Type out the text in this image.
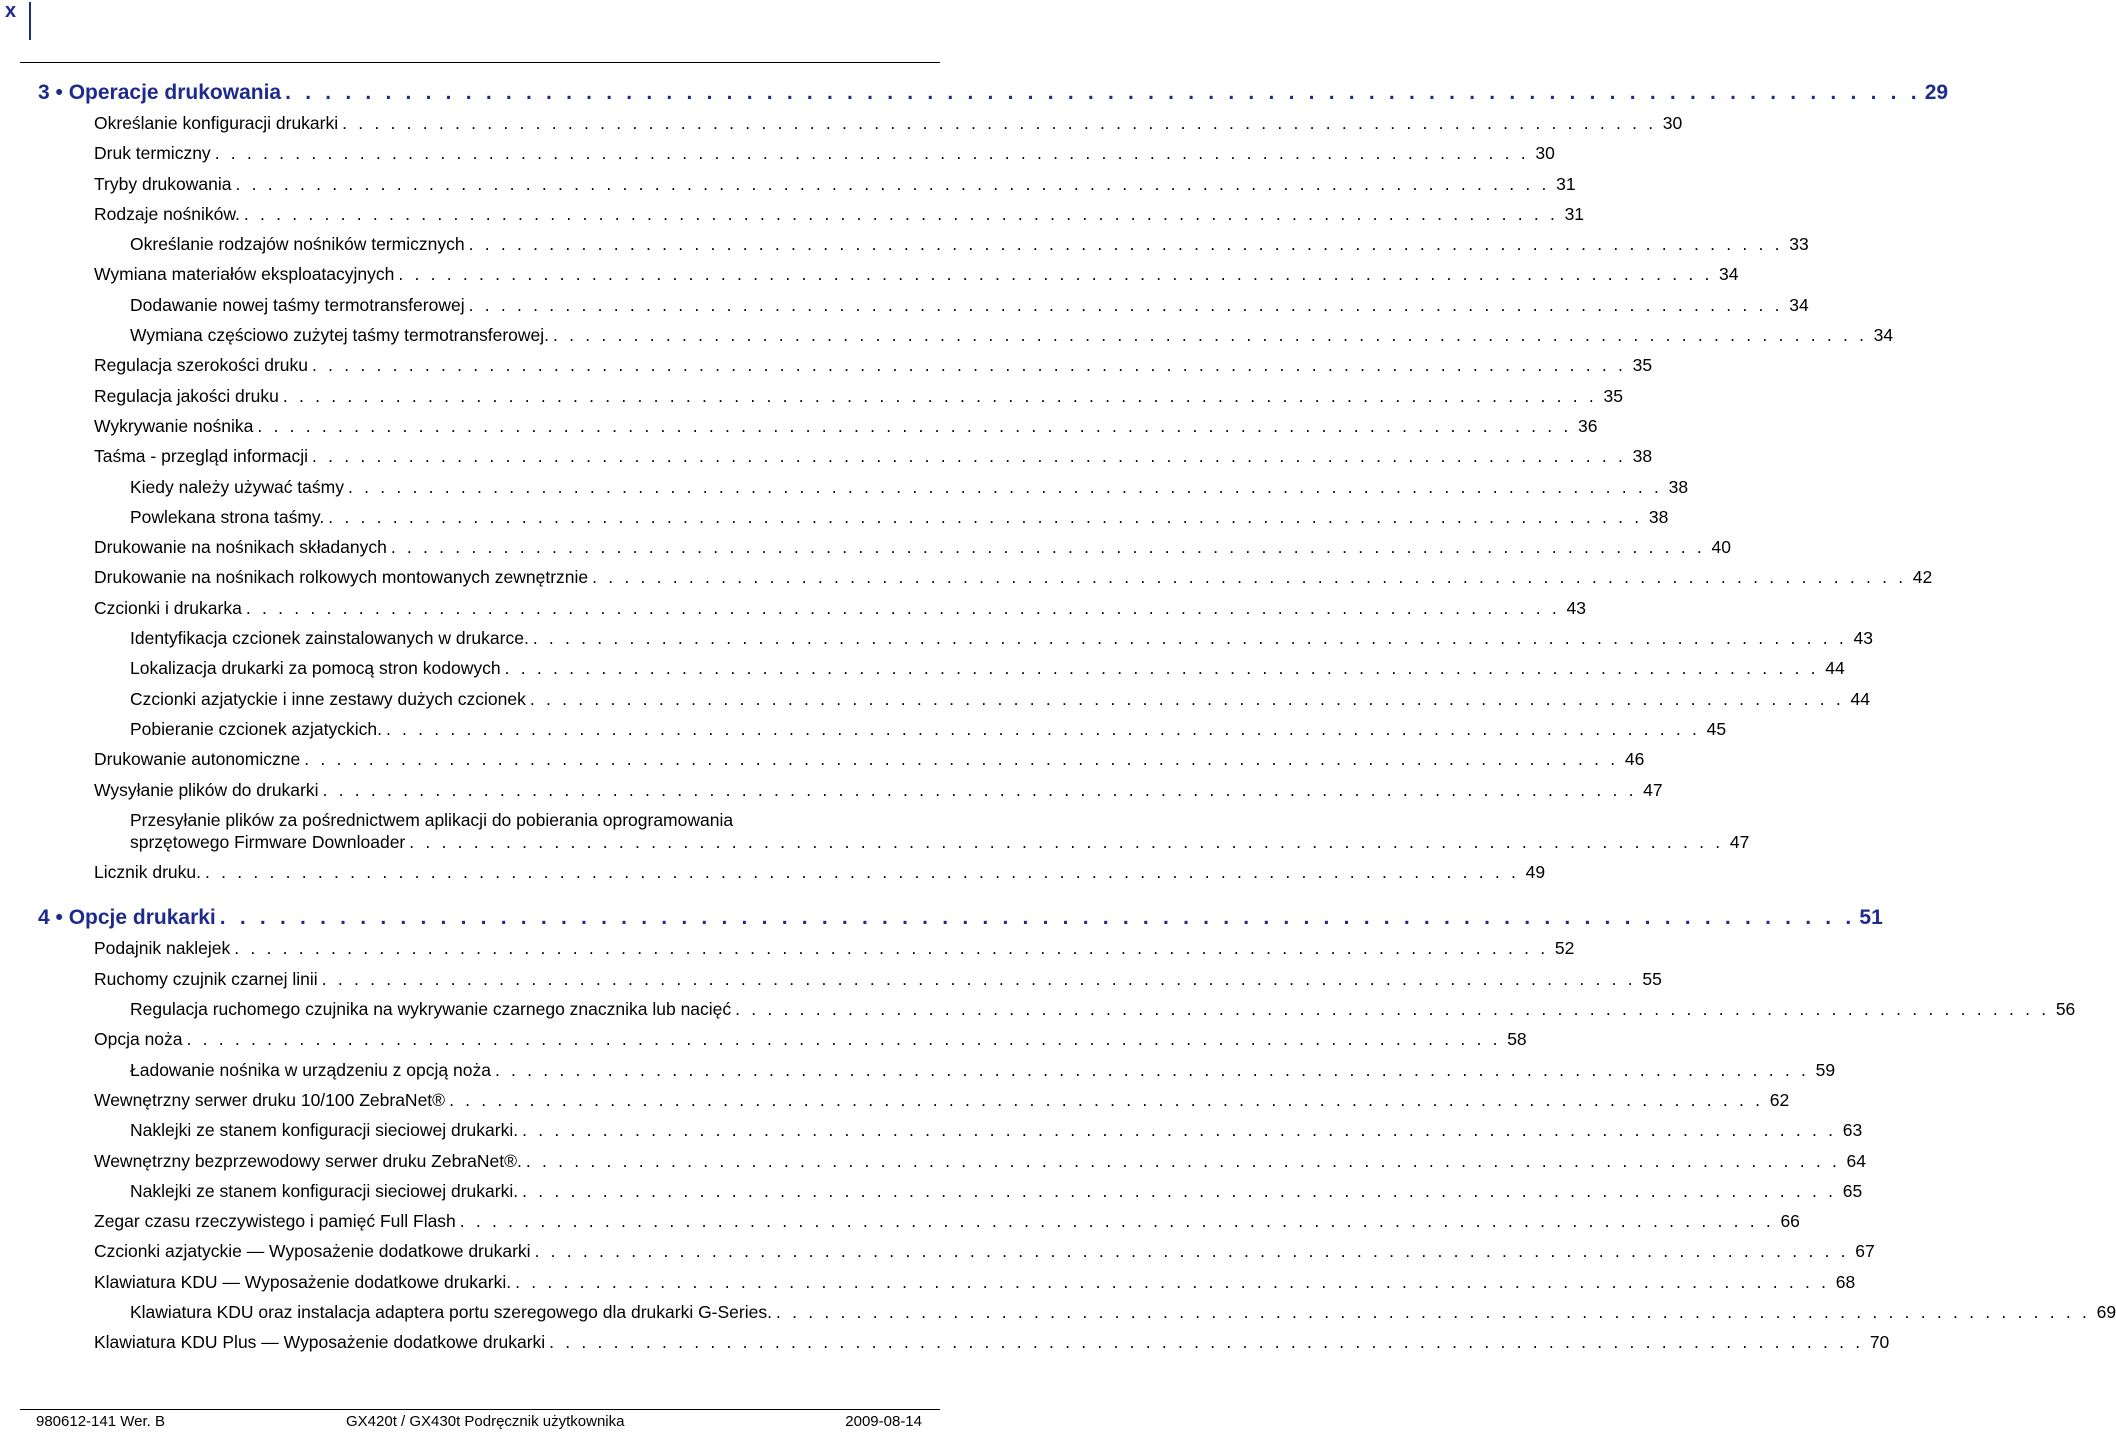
x
3 • Operacje drukowania . . . . . . . . . . . . . . . . . . . . . . . . . . . . . . . . . . . . . . . . . . . . . . . . . . . . . . . . . . . . . . . . . . . . . . . . . . . . . . . . . . 29
Określanie konfiguracji drukarki . . . . . . . . . . . . . . . . . . . . . . . . . . . . . . . . . . . . . . . . . . . . . . . . . . . . . . . . . . . . . . . . . . . . . . . . . . . . . . . . . . 30
Druk termiczny . . . . . . . . . . . . . . . . . . . . . . . . . . . . . . . . . . . . . . . . . . . . . . . . . . . . . . . . . . . . . . . . . . . . . . . . . . . . . . . . . . 30
Tryby drukowania . . . . . . . . . . . . . . . . . . . . . . . . . . . . . . . . . . . . . . . . . . . . . . . . . . . . . . . . . . . . . . . . . . . . . . . . . . . . . . . . . . 31
Rodzaje nośników. . . . . . . . . . . . . . . . . . . . . . . . . . . . . . . . . . . . . . . . . . . . . . . . . . . . . . . . . . . . . . . . . . . . . . . . . . . . . . . . . . . 31
Określanie rodzajów nośników termicznych . . . . . . . . . . . . . . . . . . . . . . . . . . . . . . . . . . . . . . . . . . . . . . . . . . . . . . . . . . . . . . . . . . . . . . . . . . . . . . . . . . 33
Wymiana materiałów eksploatacyjnych . . . . . . . . . . . . . . . . . . . . . . . . . . . . . . . . . . . . . . . . . . . . . . . . . . . . . . . . . . . . . . . . . . . . . . . . . . . . . . . . . . 34
Dodawanie nowej taśmy termotransferowej . . . . . . . . . . . . . . . . . . . . . . . . . . . . . . . . . . . . . . . . . . . . . . . . . . . . . . . . . . . . . . . . . . . . . . . . . . . . . . . . . . 34
Wymiana częściowo zużytej taśmy termotransferowej. . . . . . . . . . . . . . . . . . . . . . . . . . . . . . . . . . . . . . . . . . . . . . . . . . . . . . . . . . . . . . . . . . . . . . . . . . . . . . . . . . . 34
Regulacja szerokości druku . . . . . . . . . . . . . . . . . . . . . . . . . . . . . . . . . . . . . . . . . . . . . . . . . . . . . . . . . . . . . . . . . . . . . . . . . . . . . . . . . . 35
Regulacja jakości druku . . . . . . . . . . . . . . . . . . . . . . . . . . . . . . . . . . . . . . . . . . . . . . . . . . . . . . . . . . . . . . . . . . . . . . . . . . . . . . . . . . 35
Wykrywanie nośnika . . . . . . . . . . . . . . . . . . . . . . . . . . . . . . . . . . . . . . . . . . . . . . . . . . . . . . . . . . . . . . . . . . . . . . . . . . . . . . . . . . 36
Taśma - przegląd informacji . . . . . . . . . . . . . . . . . . . . . . . . . . . . . . . . . . . . . . . . . . . . . . . . . . . . . . . . . . . . . . . . . . . . . . . . . . . . . . . . . . 38
Kiedy należy używać taśmy . . . . . . . . . . . . . . . . . . . . . . . . . . . . . . . . . . . . . . . . . . . . . . . . . . . . . . . . . . . . . . . . . . . . . . . . . . . . . . . . . . 38
Powlekana strona taśmy. . . . . . . . . . . . . . . . . . . . . . . . . . . . . . . . . . . . . . . . . . . . . . . . . . . . . . . . . . . . . . . . . . . . . . . . . . . . . . . . . . . 38
Drukowanie na nośnikach składanych . . . . . . . . . . . . . . . . . . . . . . . . . . . . . . . . . . . . . . . . . . . . . . . . . . . . . . . . . . . . . . . . . . . . . . . . . . . . . . . . . . 40
Drukowanie na nośnikach rolkowych montowanych zewnętrznie . . . . . . . . . . . . . . . . . . . . . . . . . . . . . . . . . . . . . . . . . . . . . . . . . . . . . . . . . . . . . . . . . . . . . . . . . . . . . . . . . . 42
Czcionki i drukarka . . . . . . . . . . . . . . . . . . . . . . . . . . . . . . . . . . . . . . . . . . . . . . . . . . . . . . . . . . . . . . . . . . . . . . . . . . . . . . . . . . 43
Identyfikacja czcionek zainstalowanych w drukarce. . . . . . . . . . . . . . . . . . . . . . . . . . . . . . . . . . . . . . . . . . . . . . . . . . . . . . . . . . . . . . . . . . . . . . . . . . . . . . . . . . . 43
Lokalizacja drukarki za pomocą stron kodowych . . . . . . . . . . . . . . . . . . . . . . . . . . . . . . . . . . . . . . . . . . . . . . . . . . . . . . . . . . . . . . . . . . . . . . . . . . . . . . . . . . 44
Czcionki azjatyckie i inne zestawy dużych czcionek . . . . . . . . . . . . . . . . . . . . . . . . . . . . . . . . . . . . . . . . . . . . . . . . . . . . . . . . . . . . . . . . . . . . . . . . . . . . . . . . . . 44
Pobieranie czcionek azjatyckich. . . . . . . . . . . . . . . . . . . . . . . . . . . . . . . . . . . . . . . . . . . . . . . . . . . . . . . . . . . . . . . . . . . . . . . . . . . . . . . . . . . 45
Drukowanie autonomiczne . . . . . . . . . . . . . . . . . . . . . . . . . . . . . . . . . . . . . . . . . . . . . . . . . . . . . . . . . . . . . . . . . . . . . . . . . . . . . . . . . . 46
Wysyłanie plików do drukarki . . . . . . . . . . . . . . . . . . . . . . . . . . . . . . . . . . . . . . . . . . . . . . . . . . . . . . . . . . . . . . . . . . . . . . . . . . . . . . . . . . 47
Przesyłanie plików za pośrednictwem aplikacji do pobierania oprogramowania
sprzętowego Firmware Downloader . . . . . . . . . . . . . . . . . . . . . . . . . . . . . . . . . . . . . . . . . . . . . . . . . . . . . . . . . . . . . . . . . . . . . . . . . . . . . . . . . . 47
Licznik druku. . . . . . . . . . . . . . . . . . . . . . . . . . . . . . . . . . . . . . . . . . . . . . . . . . . . . . . . . . . . . . . . . . . . . . . . . . . . . . . . . . . 49
4 • Opcje drukarki . . . . . . . . . . . . . . . . . . . . . . . . . . . . . . . . . . . . . . . . . . . . . . . . . . . . . . . . . . . . . . . . . . . . . . . . . . . . . . . . . . 51
Podajnik naklejek . . . . . . . . . . . . . . . . . . . . . . . . . . . . . . . . . . . . . . . . . . . . . . . . . . . . . . . . . . . . . . . . . . . . . . . . . . . . . . . . . . 52
Ruchomy czujnik czarnej linii . . . . . . . . . . . . . . . . . . . . . . . . . . . . . . . . . . . . . . . . . . . . . . . . . . . . . . . . . . . . . . . . . . . . . . . . . . . . . . . . . . 55
Regulacja ruchomego czujnika na wykrywanie czarnego znacznika lub nacięć . . . . . . . . . . . . . . . . . . . . . . . . . . . . . . . . . . . . . . . . . . . . . . . . . . . . . . . . . . . . . . . . . . . . . . . . . . . . . . . . . . 56
Opcja noża . . . . . . . . . . . . . . . . . . . . . . . . . . . . . . . . . . . . . . . . . . . . . . . . . . . . . . . . . . . . . . . . . . . . . . . . . . . . . . . . . . 58
Ładowanie nośnika w urządzeniu z opcją noża . . . . . . . . . . . . . . . . . . . . . . . . . . . . . . . . . . . . . . . . . . . . . . . . . . . . . . . . . . . . . . . . . . . . . . . . . . . . . . . . . . 59
Wewnętrzny serwer druku 10/100 ZebraNet® . . . . . . . . . . . . . . . . . . . . . . . . . . . . . . . . . . . . . . . . . . . . . . . . . . . . . . . . . . . . . . . . . . . . . . . . . . . . . . . . . . 62
Naklejki ze stanem konfiguracji sieciowej drukarki. . . . . . . . . . . . . . . . . . . . . . . . . . . . . . . . . . . . . . . . . . . . . . . . . . . . . . . . . . . . . . . . . . . . . . . . . . . . . . . . . . . 63
Wewnętrzny bezprzewodowy serwer druku ZebraNet®. . . . . . . . . . . . . . . . . . . . . . . . . . . . . . . . . . . . . . . . . . . . . . . . . . . . . . . . . . . . . . . . . . . . . . . . . . . . . . . . . . . 64
Naklejki ze stanem konfiguracji sieciowej drukarki. . . . . . . . . . . . . . . . . . . . . . . . . . . . . . . . . . . . . . . . . . . . . . . . . . . . . . . . . . . . . . . . . . . . . . . . . . . . . . . . . . . 65
Zegar czasu rzeczywistego i pamięć Full Flash . . . . . . . . . . . . . . . . . . . . . . . . . . . . . . . . . . . . . . . . . . . . . . . . . . . . . . . . . . . . . . . . . . . . . . . . . . . . . . . . . . 66
Czcionki azjatyckie — Wyposażenie dodatkowe drukarki . . . . . . . . . . . . . . . . . . . . . . . . . . . . . . . . . . . . . . . . . . . . . . . . . . . . . . . . . . . . . . . . . . . . . . . . . . . . . . . . . . 67
Klawiatura KDU — Wyposażenie dodatkowe drukarki. . . . . . . . . . . . . . . . . . . . . . . . . . . . . . . . . . . . . . . . . . . . . . . . . . . . . . . . . . . . . . . . . . . . . . . . . . . . . . . . . . . 68
Klawiatura KDU oraz instalacja adaptera portu szeregowego dla drukarki G-Series. . . . . . . . . . . . . . . . . . . . . . . . . . . . . . . . . . . . . . . . . . . . . . . . . . . . . . . . . . . . . . . . . . . . . . . . . . . . . . . . . . . 69
Klawiatura KDU Plus — Wyposażenie dodatkowe drukarki . . . . . . . . . . . . . . . . . . . . . . . . . . . . . . . . . . . . . . . . . . . . . . . . . . . . . . . . . . . . . . . . . . . . . . . . . . . . . . . . . . 70
980612-141 Wer. B	GX420t / GX430t Podręcznik użytkownika	2009-08-14
